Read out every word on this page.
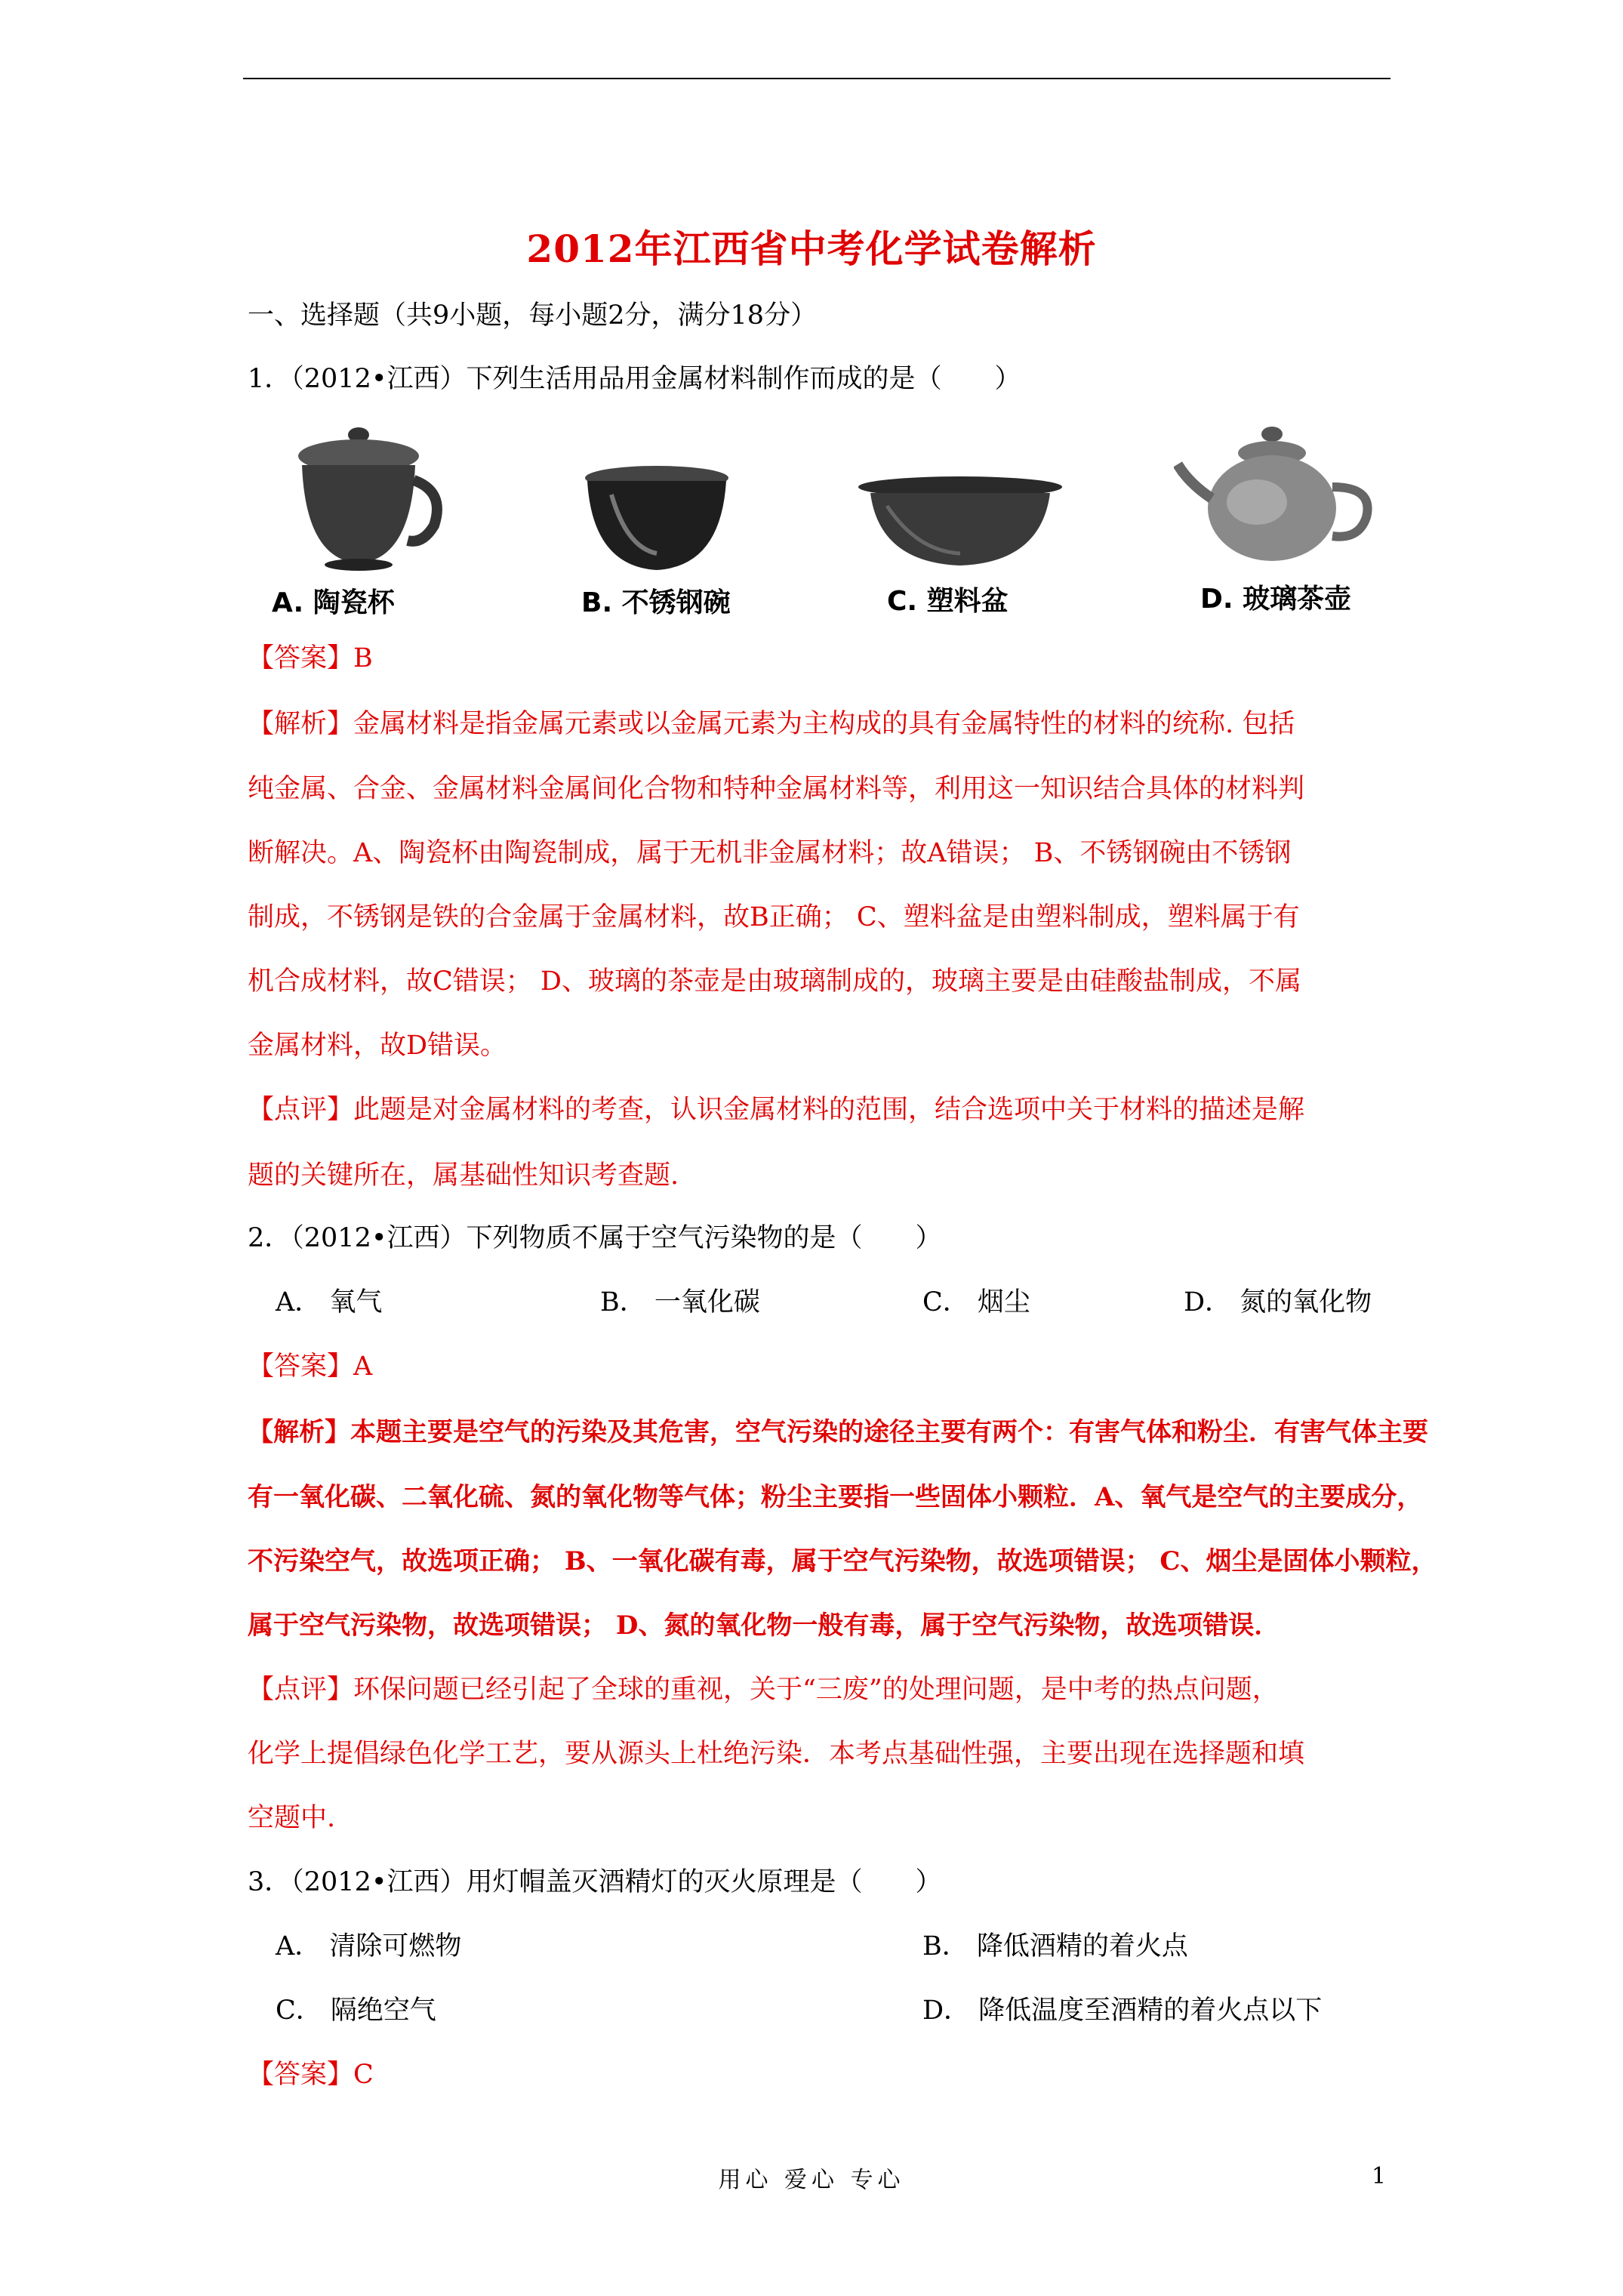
2012年江西省中考化学试卷解析
一、选择题（共9小题，每小题2分，满分18分）
1．（2012•江西）下列生活用品用金属材料制作而成的是（　　）
A. 陶瓷杯	B. 不锈钢碗	C. 塑料盆	D. 玻璃茶壶
【答案】B
【解析】金属材料是指金属元素或以金属元素为主构成的具有金属特性的材料的统称. 包括
纯金属、合金、金属材料金属间化合物和特种金属材料等，利用这一知识结合具体的材料判
断解决。A、陶瓷杯由陶瓷制成，属于无机非金属材料；故A错误； B、不锈钢碗由不锈钢
制成，不锈钢是铁的合金属于金属材料，故B正确； C、塑料盆是由塑料制成，塑料属于有
机合成材料，故C错误； D、玻璃的茶壶是由玻璃制成的，玻璃主要是由硅酸盐制成，不属
金属材料，故D错误。
【点评】此题是对金属材料的考查，认识金属材料的范围，结合选项中关于材料的描述是解
题的关键所在，属基础性知识考查题.
2．（2012•江西）下列物质不属于空气污染物的是（　　）
A． 氧气	B． 一氧化碳	C． 烟尘	D． 氮的氧化物
【答案】A
【解析】本题主要是空气的污染及其危害，空气污染的途径主要有两个：有害气体和粉尘．有害气体主要
有一氧化碳、二氧化硫、氮的氧化物等气体；粉尘主要指一些固体小颗粒．A、氧气是空气的主要成分，
不污染空气，故选项正确； B、一氧化碳有毒，属于空气污染物，故选项错误； C、烟尘是固体小颗粒，
属于空气污染物，故选项错误； D、氮的氧化物一般有毒，属于空气污染物，故选项错误．
【点评】环保问题已经引起了全球的重视，关于“三废”的处理问题，是中考的热点问题，
化学上提倡绿色化学工艺，要从源头上杜绝污染．本考点基础性强，主要出现在选择题和填
空题中.
3．（2012•江西）用灯帽盖灭酒精灯的灭火原理是（　　）
A． 清除可燃物	B． 降低酒精的着火点
C． 隔绝空气	D． 降低温度至酒精的着火点以下
【答案】C
用心 爱心 专心	1
